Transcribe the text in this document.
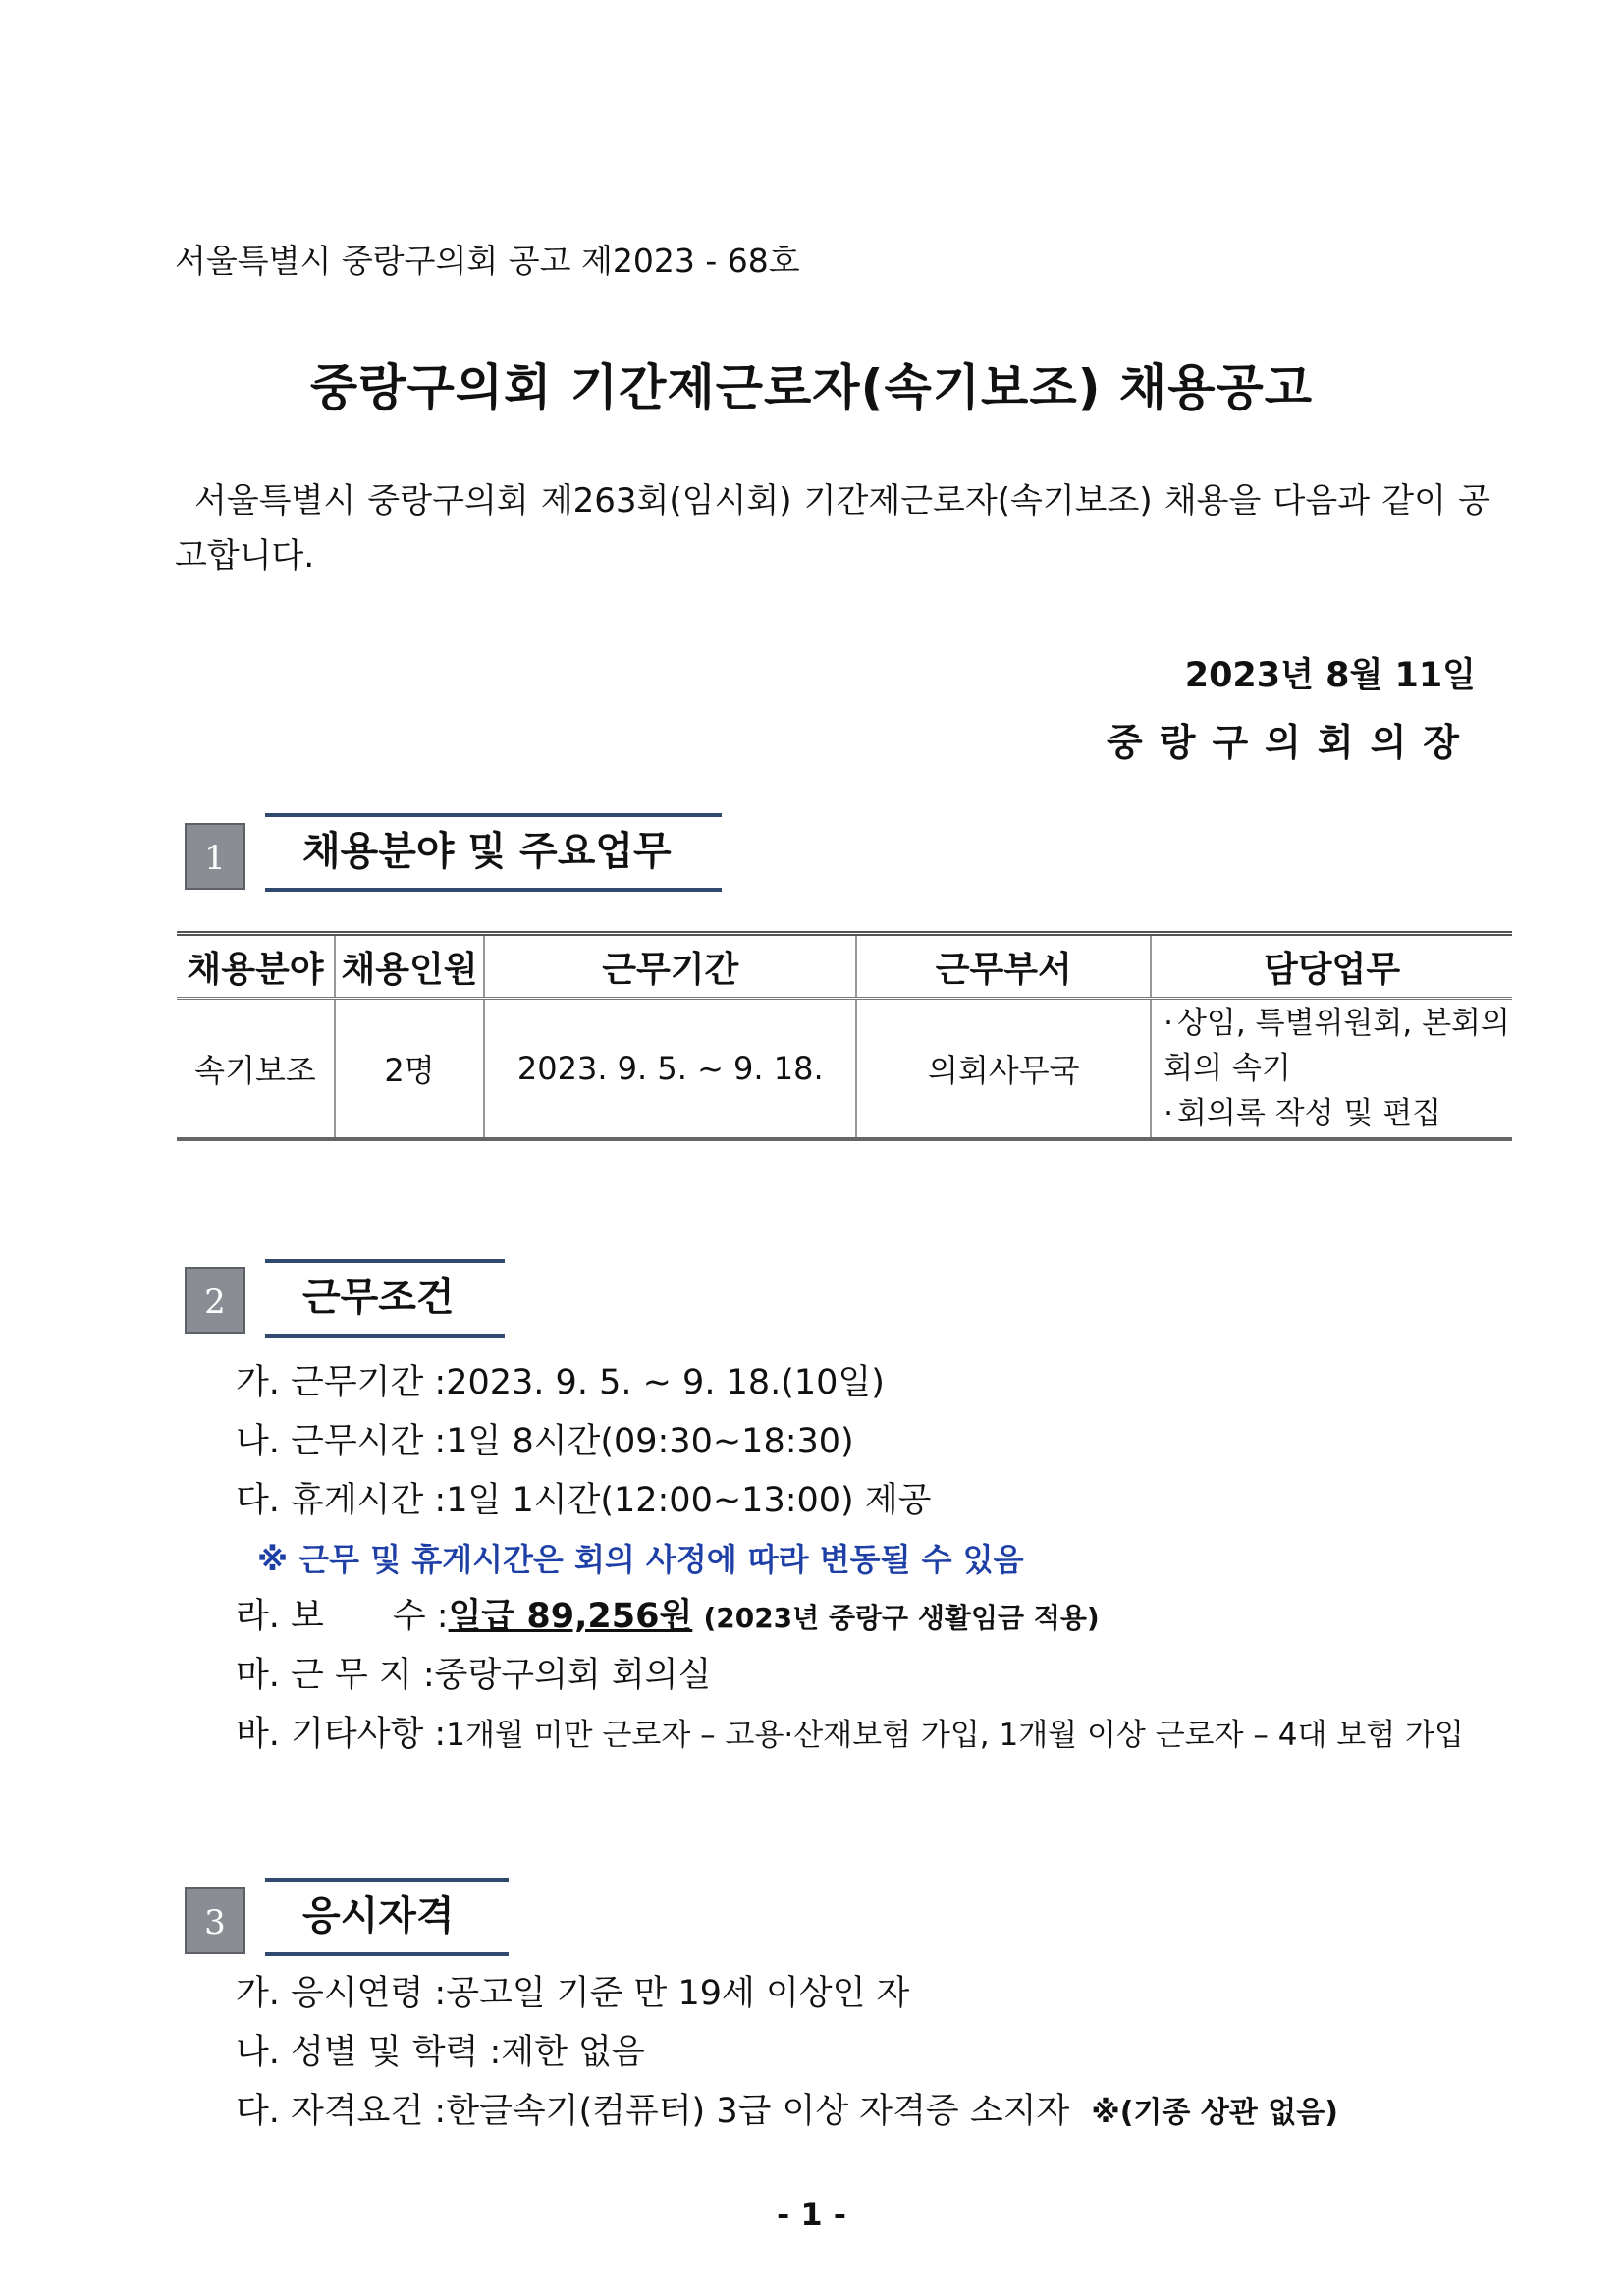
서울특별시 중랑구의회 공고 제2023 - 68호
중랑구의회 기간제근로자(속기보조) 채용공고
서울특별시 중랑구의회 제263회(임시회) 기간제근로자(속기보조) 채용을 다음과 같이 공고합니다.
2023년 8월 11일
중랑구의회의장
1	채용분야 및 주요업무
채용분야	채용인원	근무기간	근무부서	담당업무
속기보조	2명	2023. 9. 5. ~ 9. 18.	의회사무국	· 상임, 특별위원회, 본회의 회의 속기
· 회의록 작성 및 편집
2	근무조건
가. 근무기간 :2023. 9. 5. ~ 9. 18.(10일)
나. 근무시간 :1일 8시간(09:30~18:30)
다. 휴게시간 :1일 1시간(12:00~13:00) 제공
※ 근무 및 휴게시간은 회의 사정에 따라 변동될 수 있음
라. 보　　수 :일급 89,256원 (2023년 중랑구 생활임금 적용)
마. 근 무 지 :중랑구의회 회의실
바. 기타사항 :1개월 미만 근로자 – 고용·산재보험 가입, 1개월 이상 근로자 – 4대 보험 가입
3	응시자격
가. 응시연령 :공고일 기준 만 19세 이상인 자
나. 성별 및 학력 :제한 없음
다. 자격요건 :한글속기(컴퓨터) 3급 이상 자격증 소지자 ※(기종 상관 없음)
- 1 -
